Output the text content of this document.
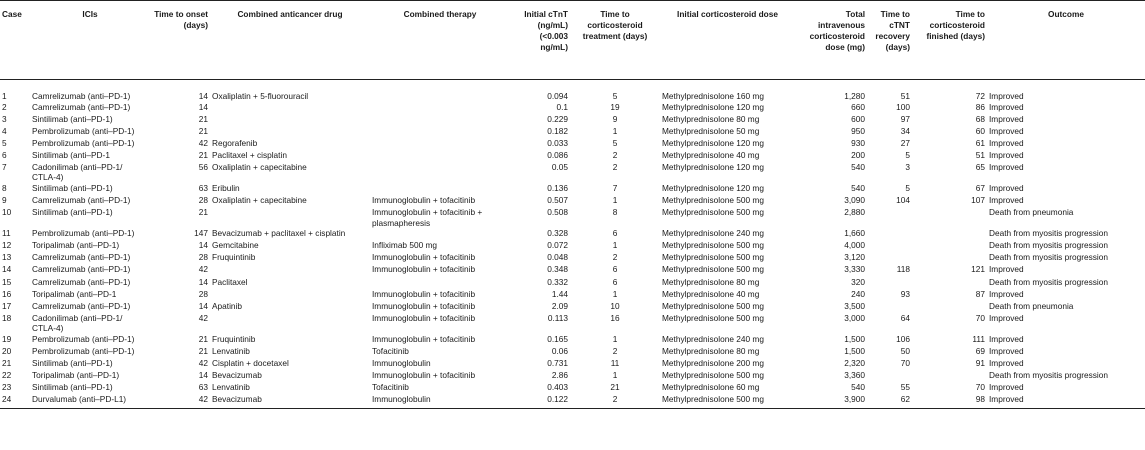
Case	ICIs	Time to onset (days)	Combined anticancer drug	Combined therapy	Initial cTnT (ng/mL) (<0.003 ng/mL)	Time to corticosteroid treatment (days)	Initial corticosteroid dose	Total intravenous corticosteroid dose (mg)	Time to cTNT recovery (days)	Time to corticosteroid finished (days)	Outcome
1	Camrelizumab (anti–PD-1)	14	Oxaliplatin + 5-fluorouracil		0.094	5	Methylprednisolone 160 mg	1,280	51	72	Improved
2	Camrelizumab (anti–PD-1)	14			0.1	19	Methylprednisolone 120 mg	660	100	86	Improved
3	Sintilimab (anti–PD-1)	21			0.229	9	Methylprednisolone 80 mg	600	97	68	Improved
4	Pembrolizumab (anti–PD-1)	21			0.182	1	Methylprednisolone 50 mg	950	34	60	Improved
5	Pembrolizumab (anti–PD-1)	42	Regorafenib		0.033	5	Methylprednisolone 120 mg	930	27	61	Improved
6	Sintilimab (anti–PD-1	21	Paclitaxel + cisplatin		0.086	2	Methylprednisolone 40 mg	200	5	51	Improved
7	Cadonilimab (anti–PD-1/ CTLA-4)	56	Oxaliplatin + capecitabine		0.05	2	Methylprednisolone 120 mg	540	3	65	Improved
8	Sintilimab (anti–PD-1)	63	Eribulin		0.136	7	Methylprednisolone 120 mg	540	5	67	Improved
9	Camrelizumab (anti–PD-1)	28	Oxaliplatin + capecitabine	Immunoglobulin + tofacitinib	0.507	1	Methylprednisolone 500 mg	3,090	104	107	Improved
10	Sintilimab (anti–PD-1)	21		Immunoglobulin + tofacitinib + plasmapheresis	0.508	8	Methylprednisolone 500 mg	2,880			Death from pneumonia
11	Pembrolizumab (anti–PD-1)	147	Bevacizumab + paclitaxel + cisplatin		0.328	6	Methylprednisolone 240 mg	1,660			Death from myositis progression
12	Toripalimab (anti–PD-1)	14	Gemcitabine	Infliximab 500 mg	0.072	1	Methylprednisolone 500 mg	4,000			Death from myositis progression
13	Camrelizumab (anti–PD-1)	28	Fruquintinib	Immunoglobulin + tofacitinib	0.048	2	Methylprednisolone 500 mg	3,120			Death from myositis progression
14	Camrelizumab (anti–PD-1)	42		Immunoglobulin + tofacitinib	0.348	6	Methylprednisolone 500 mg	3,330	118	121	Improved
15	Camrelizumab (anti–PD-1)	14	Paclitaxel		0.332	6	Methylprednisolone 80 mg	320			Death from myositis progression
16	Toripalimab (anti–PD-1	28		Immunoglobulin + tofacitinib	1.44	1	Methylprednisolone 40 mg	240	93	87	Improved
17	Camrelizumab (anti–PD-1)	14	Apatinib	Immunoglobulin + tofacitinib	2.09	10	Methylprednisolone 500 mg	3,500			Death from pneumonia
18	Cadonilimab (anti–PD-1/ CTLA-4)	42		Immunoglobulin + tofacitinib	0.113	16	Methylprednisolone 500 mg	3,000	64	70	Improved
19	Pembrolizumab (anti–PD-1)	21	Fruquintinib	Immunoglobulin + tofacitinib	0.165	1	Methylprednisolone 240 mg	1,500	106	111	Improved
20	Pembrolizumab (anti–PD-1)	21	Lenvatinib	Tofacitinib	0.06	2	Methylprednisolone 80 mg	1,500	50	69	Improved
21	Sintilimab (anti–PD-1)	42	Cisplatin + docetaxel	Immunoglobulin	0.731	11	Methylprednisolone 200 mg	2,320	70	91	Improved
22	Toripalimab (anti–PD-1)	14	Bevacizumab	Immunoglobulin + tofacitinib	2.86	1	Methylprednisolone 500 mg	3,360			Death from myositis progression
23	Sintilimab (anti–PD-1)	63	Lenvatinib	Tofacitinib	0.403	21	Methylprednisolone 60 mg	540	55	70	Improved
24	Durvalumab (anti–PD-L1)	42	Bevacizumab	Immunoglobulin	0.122	2	Methylprednisolone 500 mg	3,900	62	98	Improved
